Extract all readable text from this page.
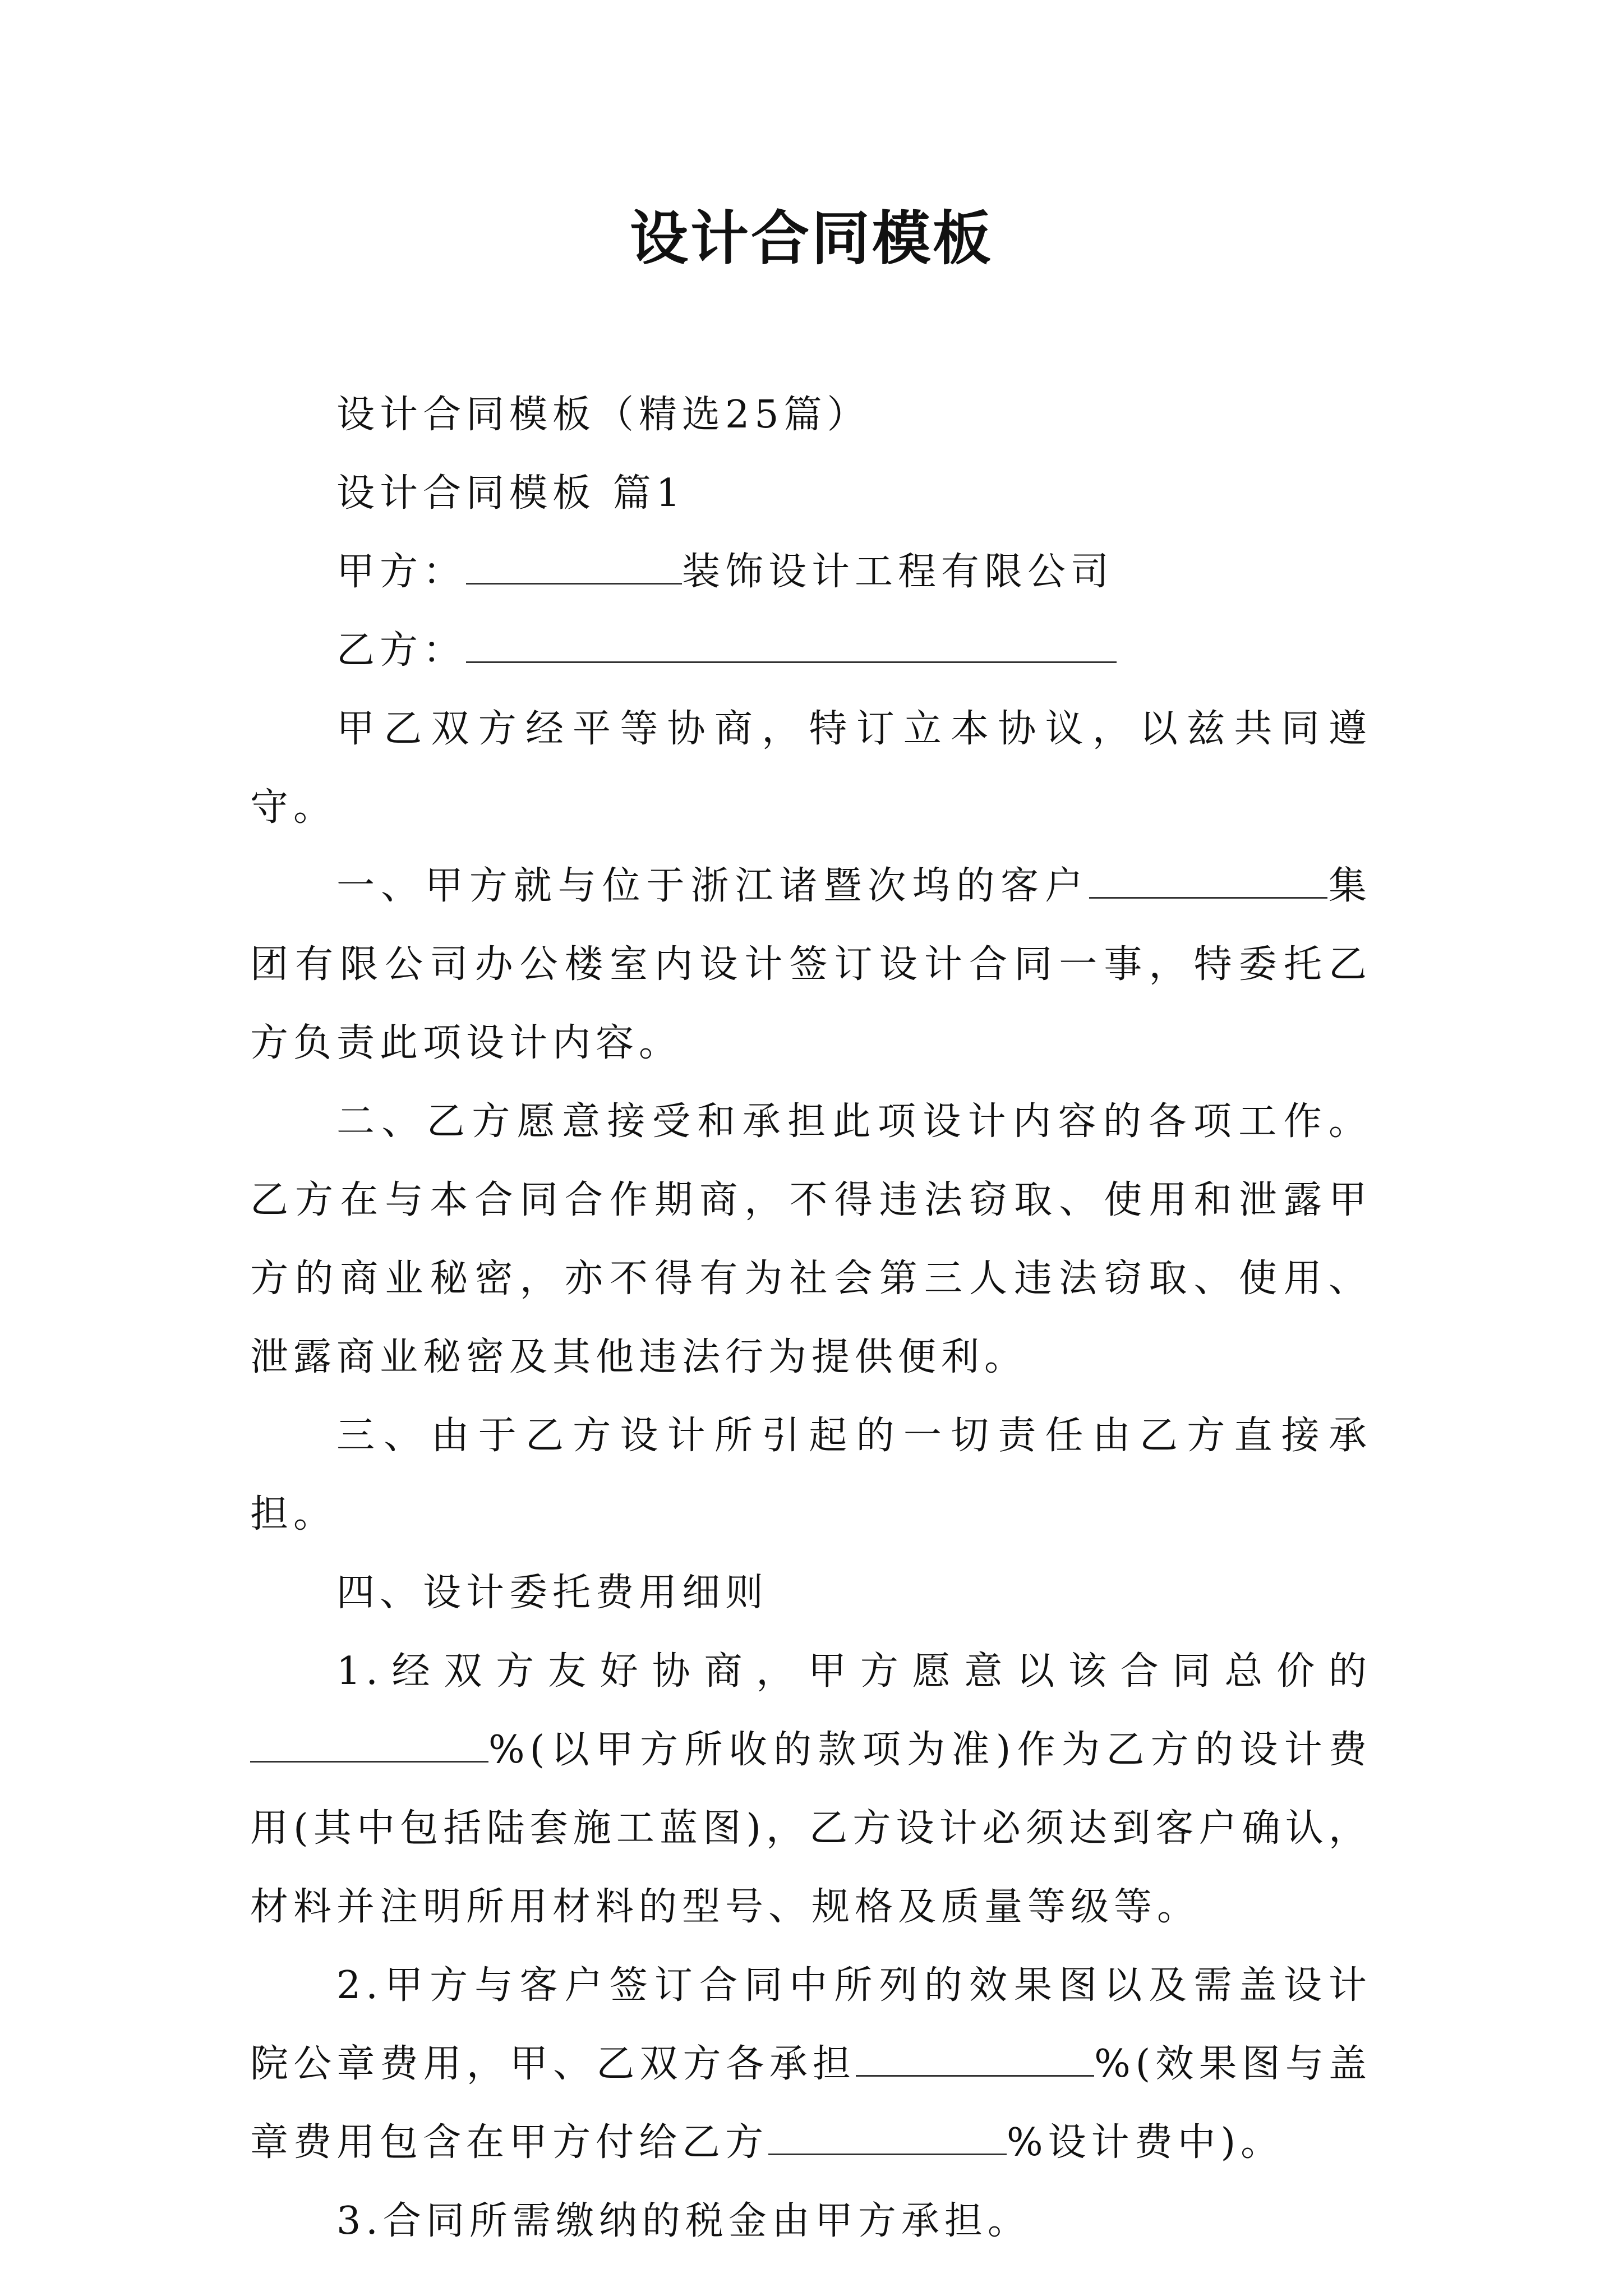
设计合同模板

设计合同模板（精选25篇）

设计合同模板 篇1

甲方：	装饰设计工程有限公司

乙方：

甲乙双方经平等协商，特订立本协议，以兹共同遵守。

一、甲方就与位于浙江诸暨次坞的客户	集团有限公司办公楼室内设计签订设计合同一事，特委托乙方负责此项设计内容。

二、乙方愿意接受和承担此项设计内容的各项工作。乙方在与本合同合作期商，不得违法窃取、使用和泄露甲方的商业秘密，亦不得有为社会第三人违法窃取、使用、泄露商业秘密及其他违法行为提供便利。

三、由于乙方设计所引起的一切责任由乙方直接承担。

四、设计委托费用细则

1.经双方友好协商，甲方愿意以该合同总价的%(以甲方所收的款项为准)作为乙方的设计费用(其中包括陆套施工蓝图)，乙方设计必须达到客户确认，材料并注明所用材料的型号、规格及质量等级等。

2.甲方与客户签订合同中所列的效果图以及需盖设计院公章费用，甲、乙双方各承担	%(效果图与盖章费用包含在甲方付给乙方	%设计费中)。

3.合同所需缴纳的税金由甲方承担。
